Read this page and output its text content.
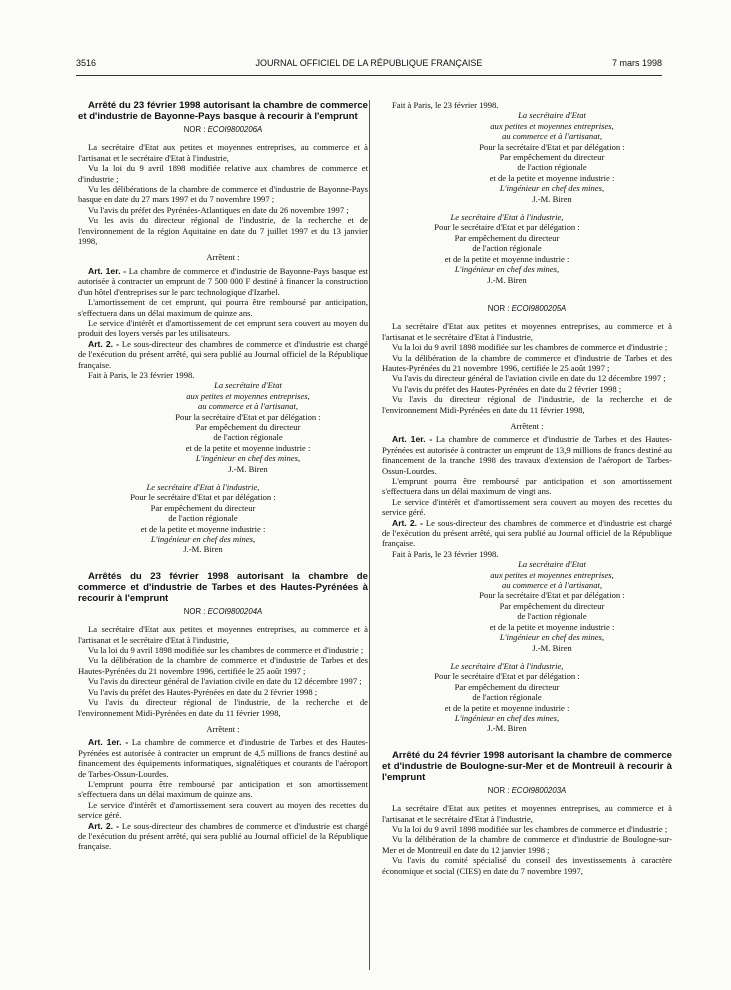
3516	JOURNAL OFFICIEL DE LA RÉPUBLIQUE FRANÇAISE	7 mars 1998

Arrêté du 23 février 1998 autorisant la chambre de commerce et d'industrie de Bayonne-Pays basque à recourir à l'emprunt

NOR : ECOI9800206A

La secrétaire d'Etat aux petites et moyennes entreprises, au commerce et à l'artisanat et le secrétaire d'Etat à l'industrie,

Vu la loi du 9 avril 1898 modifiée relative aux chambres de commerce et d'industrie ;

Vu les délibérations de la chambre de commerce et d'industrie de Bayonne-Pays basque en date du 27 mars 1997 et du 7 novembre 1997 ;

Vu l'avis du préfet des Pyrénées-Atlantiques en date du 26 novembre 1997 ;

Vu les avis du directeur régional de l'industrie, de la recherche et de l'environnement de la région Aquitaine en date du 7 juillet 1997 et du 13 janvier 1998,

Arrêtent :

Art. 1er. - La chambre de commerce et d'industrie de Bayonne-Pays basque est autorisée à contracter un emprunt de 7 500 000 F destiné à financer la construction d'un hôtel d'entreprises sur le parc technologique d'Izarbel.

L'amortissement de cet emprunt, qui pourra être remboursé par anticipation, s'effectuera dans un délai maximum de quinze ans.

Le service d'intérêt et d'amortissement de cet emprunt sera couvert au moyen du produit des loyers versés par les utilisateurs.

Art. 2. - Le sous-directeur des chambres de commerce et d'industrie est chargé de l'exécution du présent arrêté, qui sera publié au Journal officiel de la République française.

Fait à Paris, le 23 février 1998.

La secrétaire d'Etat
aux petites et moyennes entreprises,
au commerce et à l'artisanat,
Pour la secrétaire d'Etat et par délégation :
Par empêchement du directeur
de l'action régionale
et de la petite et moyenne industrie :
L'ingénieur en chef des mines,
J.-M. Biren
Le secrétaire d'Etat à l'industrie,
Pour le secrétaire d'Etat et par délégation :
Par empêchement du directeur
de l'action régionale
et de la petite et moyenne industrie :
L'ingénieur en chef des mines,
J.-M. Biren

Arrêtés du 23 février 1998 autorisant la chambre de commerce et d'industrie de Tarbes et des Hautes-Pyrénées à recourir à l'emprunt

NOR : ECOI9800204A

La secrétaire d'Etat aux petites et moyennes entreprises, au commerce et à l'artisanat et le secrétaire d'Etat à l'industrie,

Vu la loi du 9 avril 1898 modifiée sur les chambres de commerce et d'industrie ;

Vu la délibération de la chambre de commerce et d'industrie de Tarbes et des Hautes-Pyrénées du 21 novembre 1996, certifiée le 25 août 1997 ;

Vu l'avis du directeur général de l'aviation civile en date du 12 décembre 1997 ;

Vu l'avis du préfet des Hautes-Pyrénées en date du 2 février 1998 ;

Vu l'avis du directeur régional de l'industrie, de la recherche et de l'environnement Midi-Pyrénées en date du 11 février 1998,

Arrêtent :

Art. 1er. - La chambre de commerce et d'industrie de Tarbes et des Hautes-Pyrénées est autorisée à contracter un emprunt de 4,5 millions de francs destiné au financement des équipements informatiques, signalétiques et courants de l'aéroport de Tarbes-Ossun-Lourdes.

L'emprunt pourra être remboursé par anticipation et son amortissement s'effectuera dans un délai maximum de quinze ans.

Le service d'intérêt et d'amortissement sera couvert au moyen des recettes du service géré.

Art. 2. - Le sous-directeur des chambres de commerce et d'industrie est chargé de l'exécution du présent arrêté, qui sera publié au Journal officiel de la République française.

Fait à Paris, le 23 février 1998.

La secrétaire d'Etat
aux petites et moyennes entreprises,
au commerce et à l'artisanat,
Pour la secrétaire d'Etat et par délégation :
Par empêchement du directeur
de l'action régionale
et de la petite et moyenne industrie :
L'ingénieur en chef des mines,
J.-M. Biren
Le secrétaire d'Etat à l'industrie,
Pour le secrétaire d'Etat et par délégation :
Par empêchement du directeur
de l'action régionale
et de la petite et moyenne industrie :
L'ingénieur en chef des mines,
J.-M. Biren
NOR : ECOI9800205A

La secrétaire d'Etat aux petites et moyennes entreprises, au commerce et à l'artisanat et le secrétaire d'Etat à l'industrie,

Vu la loi du 9 avril 1898 modifiée sur les chambres de commerce et d'industrie ;

Vu la délibération de la chambre de commerce et d'industrie de Tarbes et des Hautes-Pyrénées du 21 novembre 1996, certifiée le 25 août 1997 ;

Vu l'avis du directeur général de l'aviation civile en date du 12 décembre 1997 ;

Vu l'avis du préfet des Hautes-Pyrénées en date du 2 février 1998 ;

Vu l'avis du directeur régional de l'industrie, de la recherche et de l'environnement Midi-Pyrénées en date du 11 février 1998,

Arrêtent :

Art. 1er. - La chambre de commerce et d'industrie de Tarbes et des Hautes-Pyrénées est autorisée à contracter un emprunt de 13,9 millions de francs destiné au financement de la tranche 1998 des travaux d'extension de l'aéroport de Tarbes-Ossun-Lourdes.

L'emprunt pourra être remboursé par anticipation et son amortissement s'effectuera dans un délai maximum de vingt ans.

Le service d'intérêt et d'amortissement sera couvert au moyen des recettes du service géré.

Art. 2. - Le sous-directeur des chambres de commerce et d'industrie est chargé de l'exécution du présent arrêté, qui sera publié au Journal officiel de la République française.

Fait à Paris, le 23 février 1998.

La secrétaire d'Etat
aux petites et moyennes entreprises,
au commerce et à l'artisanat,
Pour la secrétaire d'Etat et par délégation :
Par empêchement du directeur
de l'action régionale
et de la petite et moyenne industrie :
L'ingénieur en chef des mines,
J.-M. Biren
Le secrétaire d'Etat à l'industrie,
Pour le secrétaire d'Etat et par délégation :
Par empêchement du directeur
de l'action régionale
et de la petite et moyenne industrie :
L'ingénieur en chef des mines,
J.-M. Biren

Arrêté du 24 février 1998 autorisant la chambre de commerce et d'industrie de Boulogne-sur-Mer et de Montreuil à recourir à l'emprunt

NOR : ECOI9800203A

La secrétaire d'Etat aux petites et moyennes entreprises, au commerce et à l'artisanat et le secrétaire d'Etat à l'industrie,

Vu la loi du 9 avril 1898 modifiée sur les chambres de commerce et d'industrie ;

Vu la délibération de la chambre de commerce et d'industrie de Boulogne-sur-Mer et de Montreuil en date du 12 janvier 1998 ;

Vu l'avis du comité spécialisé du conseil des investissements à caractère économique et social (CIES) en date du 7 novembre 1997,
